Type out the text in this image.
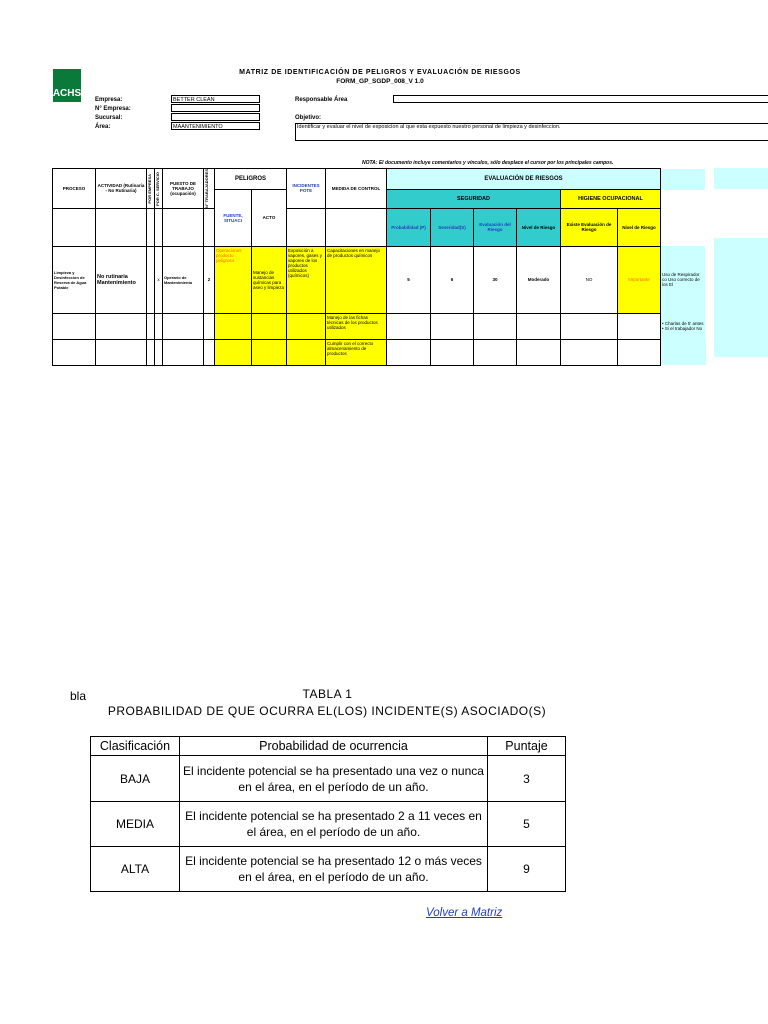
ACHS
MATRIZ DE IDENTIFICACIÓN DE PELIGROS Y EVALUACIÓN DE RIESGOS
FORM_GP_SGDP_008_V 1.0
Empresa:	BETTER CLEAN
N° Empresa:
Sucursal:
Área:	MAANTENIMIENTO
Responsable Área
Objetivo:
Identificar y evaluar el nivel de exposicion al que esta expuesto nuestro personal de limpieza y desinfeccion.
NOTA: El documento incluye comentarios y vínculos, sólo desplace el cursor por los principales campos.
PROCESO	ACTIVIDAD (Rutinaria - No Rutinaria)	POR EMPRESA	POR C. SERVICIO	PUESTO DE TRABAJO (ocupación)	N° TRABAJADORES	PELIGROS		INCIDENTES POTE	MEDIDA DE CONTROL	EVALUACIÓN DE RIESGOS						
						FUENTE, SITUACI	ACTO			SEGURIDAD				HIGIENE OCUPACIONAL		
										Probabilidad (P)	Severidad(S)	Evaluación del Riesgo	Nivel de Riesgo	Existe Evaluación de Riesgo	Nivel de Riesgo	
Limpieza y Desinfección de Reserva de Agua Potable	No rutinaria Mantenimiento		x	Operario de Mantenimiento	2	Operaciones producto peligroso	Manejo de sustancias químicas para aseo y limpieza	Exposición a vapores, gases y vapores de los productos utilizados (químicos)	Capacitaciones en manejo de productos químicos	5	6	30	Moderado	NO	Importante	Uso de Respirador co Uso correcto de los El
									Manejo de las fichas técnicas de los productos utilizados							• Charlas de 5' antes • Si el trabajador No
									Cumplir con el correcto almacenamiento de productos							
bla	TABLA 1
PROBABILIDAD DE QUE OCURRA EL(LOS) INCIDENTE(S) ASOCIADO(S)
Clasificación	Probabilidad de ocurrencia	Puntaje
BAJA	El incidente potencial se ha presentado una vez o nunca en el área, en el período de un año.	3
MEDIA	El incidente potencial se ha presentado 2 a 11 veces en el área, en el período de un año.	5
ALTA	El incidente potencial se ha presentado 12 o más veces en el área, en el período de un año.	9
Volver a Matriz
